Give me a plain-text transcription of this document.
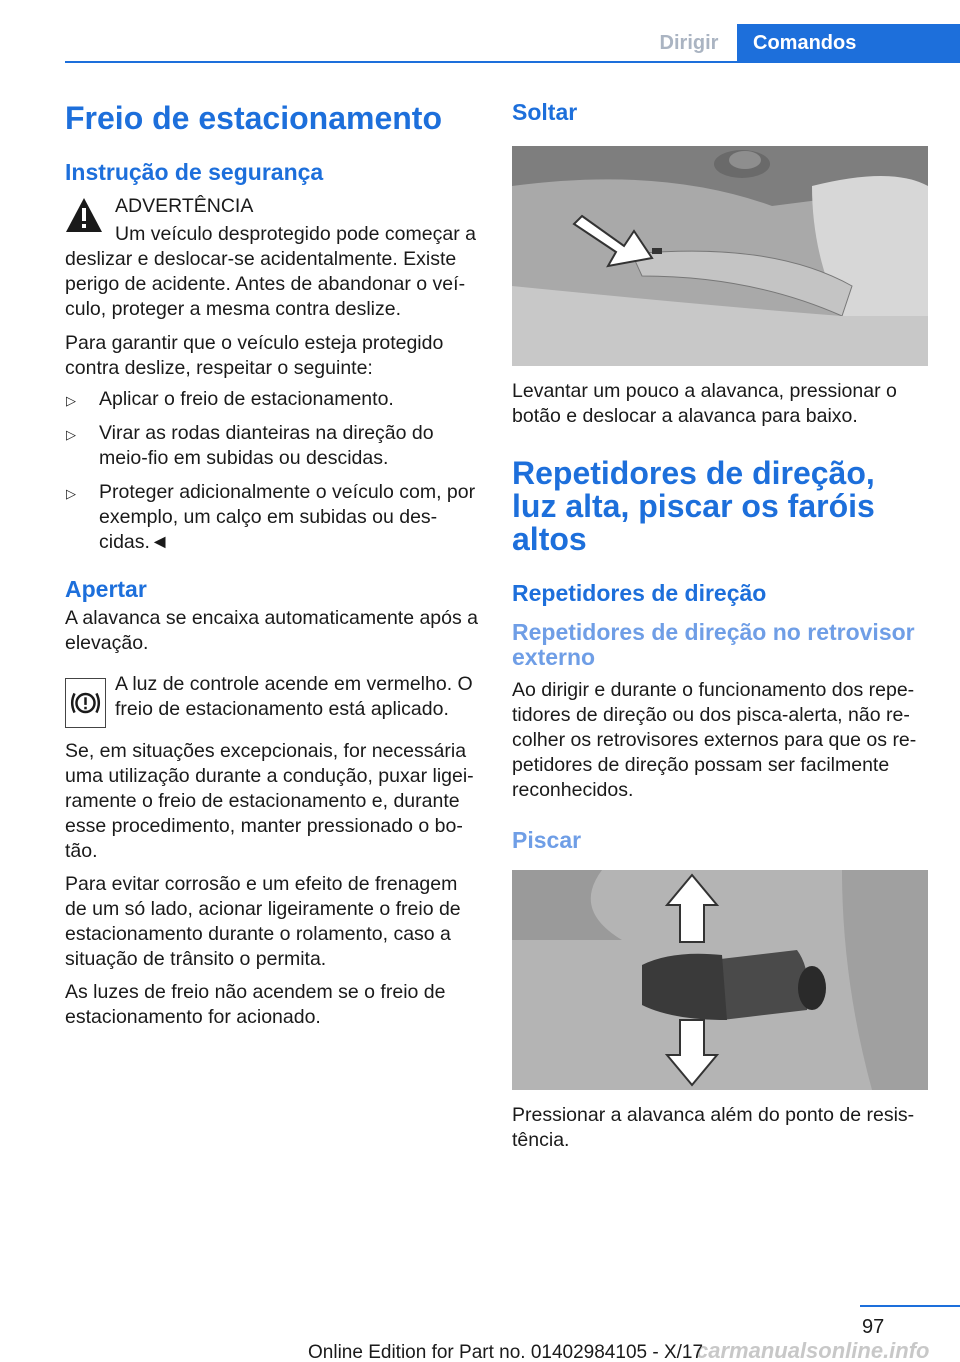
Dirigir	Comandos
Freio de estacionamento
Instrução de segurança
ADVERTÊNCIA
Um veículo desprotegido pode começar a deslizar e deslocar-se acidentalmente. Existe perigo de acidente. Antes de abandonar o veículo, proteger a mesma contra deslize.
Para garantir que o veículo esteja protegido contra deslize, respeitar o seguinte:
▷ Aplicar o freio de estacionamento.
▷ Virar as rodas dianteiras na direção do meio-fio em subidas ou descidas.
▷ Proteger adicionalmente o veículo com, por exemplo, um calço em subidas ou descidas.◄
Apertar
A alavanca se encaixa automaticamente após a elevação.
A luz de controle acende em vermelho. O freio de estacionamento está aplicado.
Se, em situações excepcionais, for necessária uma utilização durante a condução, puxar ligeiramente o freio de estacionamento e, durante esse procedimento, manter pressionado o botão.
Para evitar corrosão e um efeito de frenagem de um só lado, acionar ligeiramente o freio de estacionamento durante o rolamento, caso a situação de trânsito o permita.
As luzes de freio não acendem se o freio de estacionamento for acionado.
Soltar
Levantar um pouco a alavanca, pressionar o botão e deslocar a alavanca para baixo.
Repetidores de direção, luz alta, piscar os faróis altos
Repetidores de direção
Repetidores de direção no retrovisor externo
Ao dirigir e durante o funcionamento dos repetidores de direção ou dos pisca-alerta, não recolher os retrovisores externos para que os repetidores de direção possam ser facilmente reconhecidos.
Piscar
Pressionar a alavanca além do ponto de resistência.
97
carmanualsonline.info
Online Edition for Part no. 01402984105 - X/17
